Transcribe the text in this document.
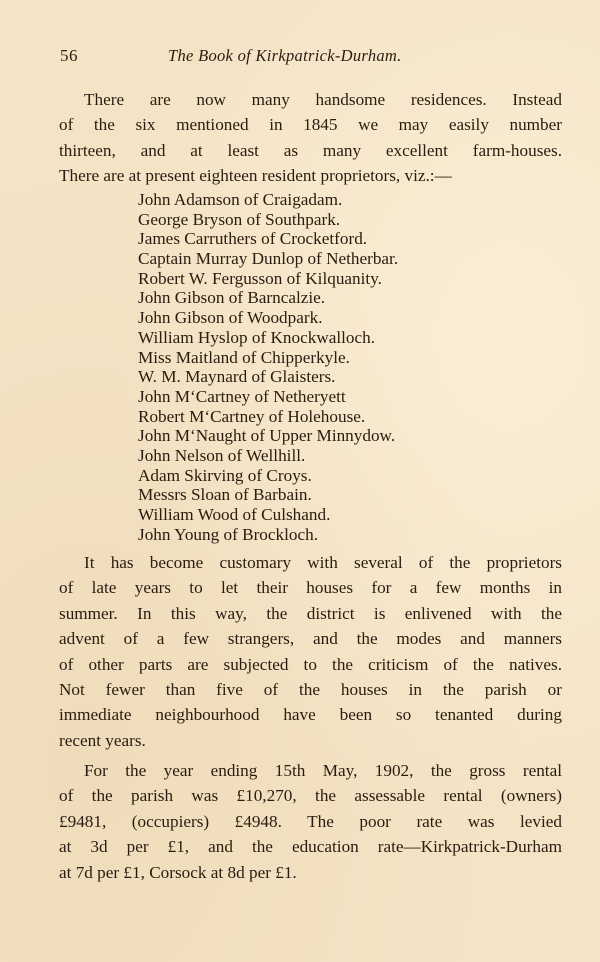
56	The Book of Kirkpatrick-Durham.
There are now many handsome residences. Instead
of the six mentioned in 1845 we may easily number
thirteen, and at least as many excellent farm-houses.
There are at present eighteen resident proprietors, viz.:—
John Adamson of Craigadam.
George Bryson of Southpark.
James Carruthers of Crocketford.
Captain Murray Dunlop of Netherbar.
Robert W. Fergusson of Kilquanity.
John Gibson of Barncalzie.
John Gibson of Woodpark.
William Hyslop of Knockwalloch.
Miss Maitland of Chipperkyle.
W. M. Maynard of Glaisters.
John M‘Cartney of Netheryett
Robert M‘Cartney of Holehouse.
John M‘Naught of Upper Minnydow.
John Nelson of Wellhill.
Adam Skirving of Croys.
Messrs Sloan of Barbain.
William Wood of Culshand.
John Young of Brockloch.
It has become customary with several of the proprietors
of late years to let their houses for a few months in
summer. In this way, the district is enlivened with the
advent of a few strangers, and the modes and manners
of other parts are subjected to the criticism of the natives.
Not fewer than five of the houses in the parish or
immediate neighbourhood have been so tenanted during
recent years.
For the year ending 15th May, 1902, the gross rental
of the parish was £10,270, the assessable rental (owners)
£9481, (occupiers) £4948. The poor rate was levied
at 3d per £1, and the education rate—Kirkpatrick-Durham
at 7d per £1, Corsock at 8d per £1.
